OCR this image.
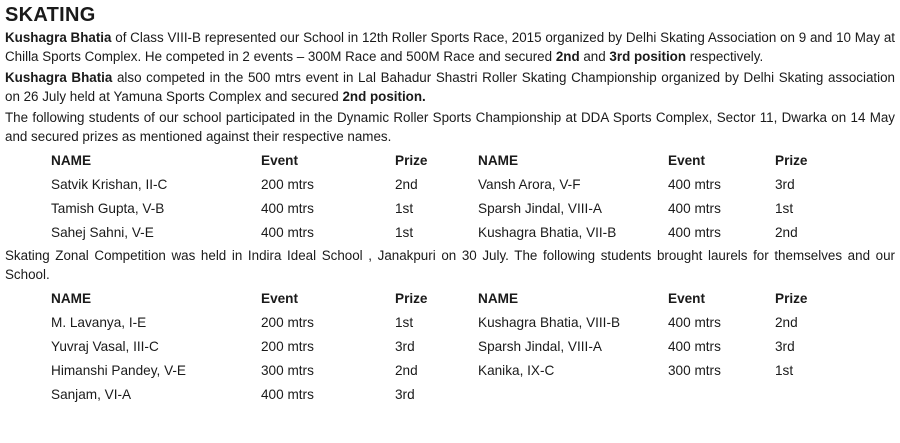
SKATING

Kushagra Bhatia of Class VIII-B represented our School in 12th Roller Sports Race, 2015 organized by Delhi Skating Association on 9 and 10 May at Chilla Sports Complex. He competed in 2 events – 300M Race and 500M Race and secured 2nd and 3rd position respectively.

Kushagra Bhatia also competed in the 500 mtrs event in Lal Bahadur Shastri Roller Skating Championship organized by Delhi Skating association on 26 July held at Yamuna Sports Complex and secured 2nd position.

The following students of our school participated in the Dynamic Roller Sports Championship at DDA Sports Complex, Sector 11, Dwarka on 14 May and secured prizes as mentioned against their respective names.

NAME	Event	Prize	NAME	Event	Prize
Satvik Krishan, II-C	200 mtrs	2nd	Vansh Arora, V-F	400 mtrs	3rd
Tamish Gupta, V-B	400 mtrs	1st	Sparsh Jindal, VIII-A	400 mtrs	1st
Sahej Sahni, V-E	400 mtrs	1st	Kushagra Bhatia, VII-B	400 mtrs	2nd

Skating Zonal Competition was held in Indira Ideal School , Janakpuri on 30 July. The following students brought laurels for themselves and our School.

NAME	Event	Prize	NAME	Event	Prize
M. Lavanya, I-E	200 mtrs	1st	Kushagra Bhatia, VIII-B	400 mtrs	2nd
Yuvraj Vasal, III-C	200 mtrs	3rd	Sparsh Jindal, VIII-A	400 mtrs	3rd
Himanshi Pandey, V-E	300 mtrs	2nd	Kanika, IX-C	300 mtrs	1st
Sanjam, VI-A	400 mtrs	3rd
